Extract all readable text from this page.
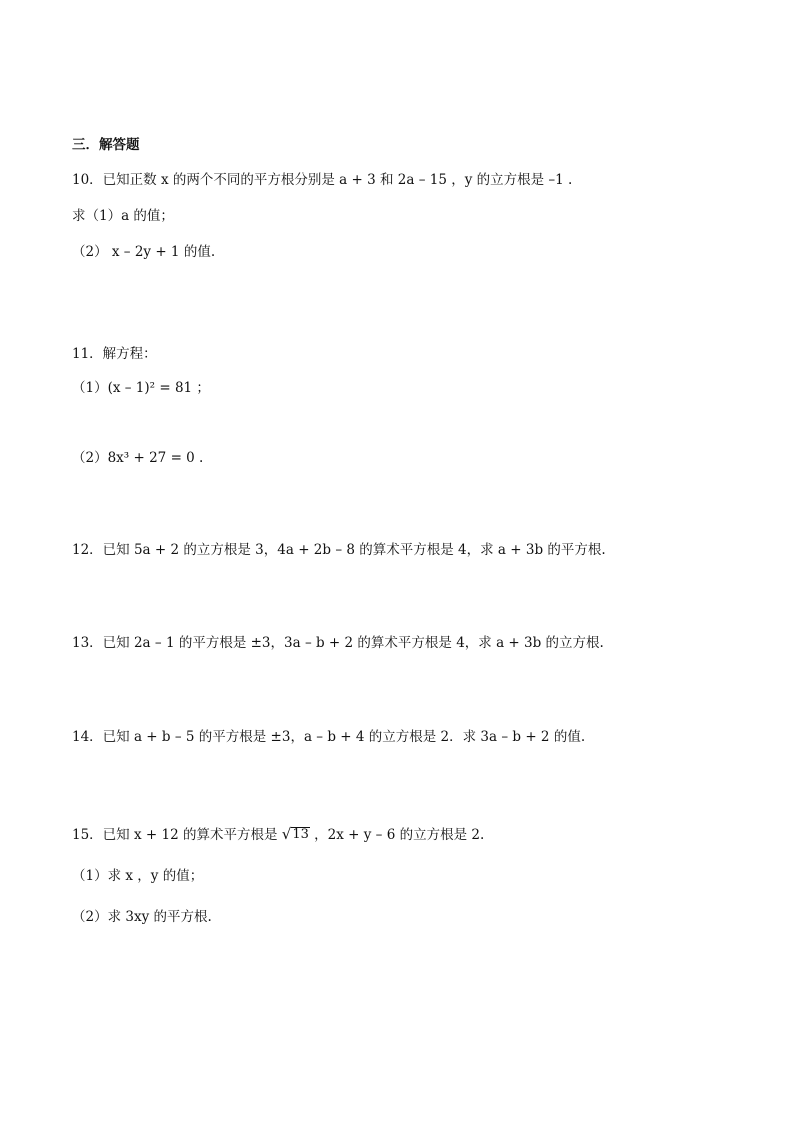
三．解答题
10．已知正数 x 的两个不同的平方根分别是 a + 3 和 2a – 15 ，y 的立方根是 –1 .
求（1）a 的值；
（2） x – 2y + 1 的值.
11．解方程：
（1）(x – 1)² = 81 ；
（2）8x³ + 27 = 0 .
12．已知 5a + 2 的立方根是 3，4a + 2b – 8 的算术平方根是 4，求 a + 3b 的平方根.
13．已知 2a – 1 的平方根是 ±3，3a – b + 2 的算术平方根是 4，求 a + 3b 的立方根.
14．已知 a + b – 5 的平方根是 ±3，a – b + 4 的立方根是 2．求 3a – b + 2 的值.
15．已知 x + 12 的算术平方根是 √ 13 ，2x + y – 6 的立方根是 2.
（1）求 x ，y 的值；
（2）求 3xy 的平方根.
